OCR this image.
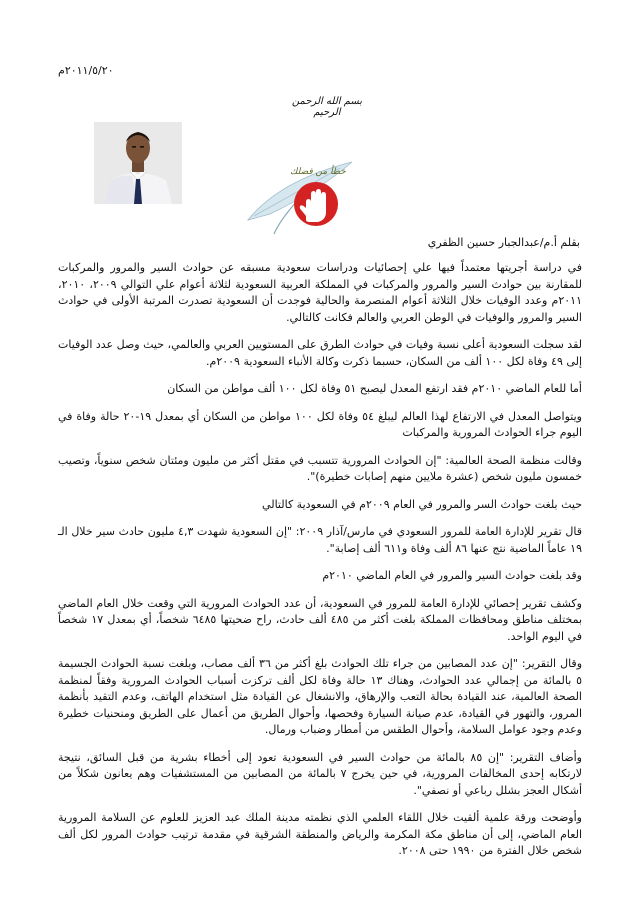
٢٠١١/٥/٢٠م
بسم الله الرحمن الرحيم
خطأ من فضلك
بقلم أ.م/عبدالجبار حسين الظفري

في دراسة أجريتها معتمداً فيها علي إحصائيات ودراسات سعودية مسبقه عن حوادث السير والمرور والمركبات للمقارنة بين حوادث السير والمرور والمركبات في المملكة العربية السعودية لثلاثة أعوام علي التوالي ٢٠٠٩، ٢٠١٠، ٢٠١١م وعدد الوفيات خلال الثلاثة أعوام المنصرمة والحالية فوجدت أن السعودية تصدرت المرتبة الأولى في حوادث السير والمرور والوفيات في الوطن العربي والعالم فكانت كالتالي.

لقد سجلت السعودية أعلى نسبة وفيات في حوادث الطرق على المستويين العربي والعالمي، حيث وصل عدد الوفيات إلى ٤٩ وفاة لكل ١٠٠ ألف من السكان، حسبما ذكرت وكالة الأنباء السعودية ٢٠٠٩م.

أما للعام الماضي ٢٠١٠م فقد ارتفع المعدل ليصبح ٥١ وفاة لكل ١٠٠ ألف مواطن من السكان

ويتواصل المعدل في الارتفاع لهذا العالم ليبلغ ٥٤ وفاة لكل ١٠٠ مواطن من السكان أي بمعدل ١٩-٢٠ حالة وفاة في اليوم جراء الحوادث المرورية والمركبات

وقالت منظمة الصحة العالمية: "إن الحوادث المرورية تتسبب في مقتل أكثر من مليون ومئتان شخص سنوياً، وتصيب خمسون مليون شخص (عشرة ملايين منهم إصابات خطيرة)".

حيث بلغت حوادث السر والمرور في العام ٢٠٠٩م في السعودية كالتالي

قال تقرير للإدارة العامة للمرور السعودي في مارس/آذار ٢٠٠٩: "إن السعودية شهدت ٤,٣ مليون حادث سير خلال الـ ١٩ عاماً الماضية نتج عنها ٨٦ ألف وفاة و٦١١ ألف إصابة".

وقد بلغت حوادث السير والمرور في العام الماضي ٢٠١٠م

وكشف تقرير إحصائي للإدارة العامة للمرور في السعودية، أن عدد الحوادث المرورية التي وقعت خلال العام الماضي بمختلف مناطق ومحافظات المملكة بلغت أكثر من ٤٨٥ ألف حادث، راح ضحيتها ٦٤٨٥ شخصاً، أي بمعدل ١٧ شخصاً في اليوم الواحد.

وقال التقرير: "إن عدد المصابين من جراء تلك الحوادث بلغ أكثر من ٣٦ ألف مصاب، وبلغت نسبة الحوادث الجسيمة ٥ بالمائة من إجمالي عدد الحوادث، وهناك ١٣ حالة وفاة لكل ألف تركزت أسباب الحوادث المرورية وفقاً لمنظمة الصحة العالمية، عند القيادة بحالة التعب والإرهاق، والانشغال عن القيادة مثل استخدام الهاتف، وعدم التقيد بأنظمة المرور، والتهور في القيادة، عدم صيانة السيارة وفحصها، وأحوال الطريق من أعمال على الطريق ومنحنيات خطيرة وعدم وجود عوامل السلامة، وأحوال الطقس من أمطار وضباب ورمال.

وأضاف التقرير: "إن ٨٥ بالمائة من حوادث السير في السعودية تعود إلى أخطاء بشرية من قبل السائق، نتيجة لارتكابه إحدى المخالفات المرورية، في حين يخرج ٧ بالمائة من المصابين من المستشفيات وهم يعانون شكلاً من أشكال العجز بشلل رباعي أو نصفي".

وأوضحت ورقة علمية ألقيت خلال اللقاء العلمي الذي نظمته مدينة الملك عبد العزيز للعلوم عن السلامة المرورية العام الماضي، إلى أن مناطق مكة المكرمة والرياض والمنطقة الشرقية في مقدمة ترتيب حوادث المرور لكل ألف شخص خلال الفترة من ١٩٩٠ حتى ٢٠٠٨.
